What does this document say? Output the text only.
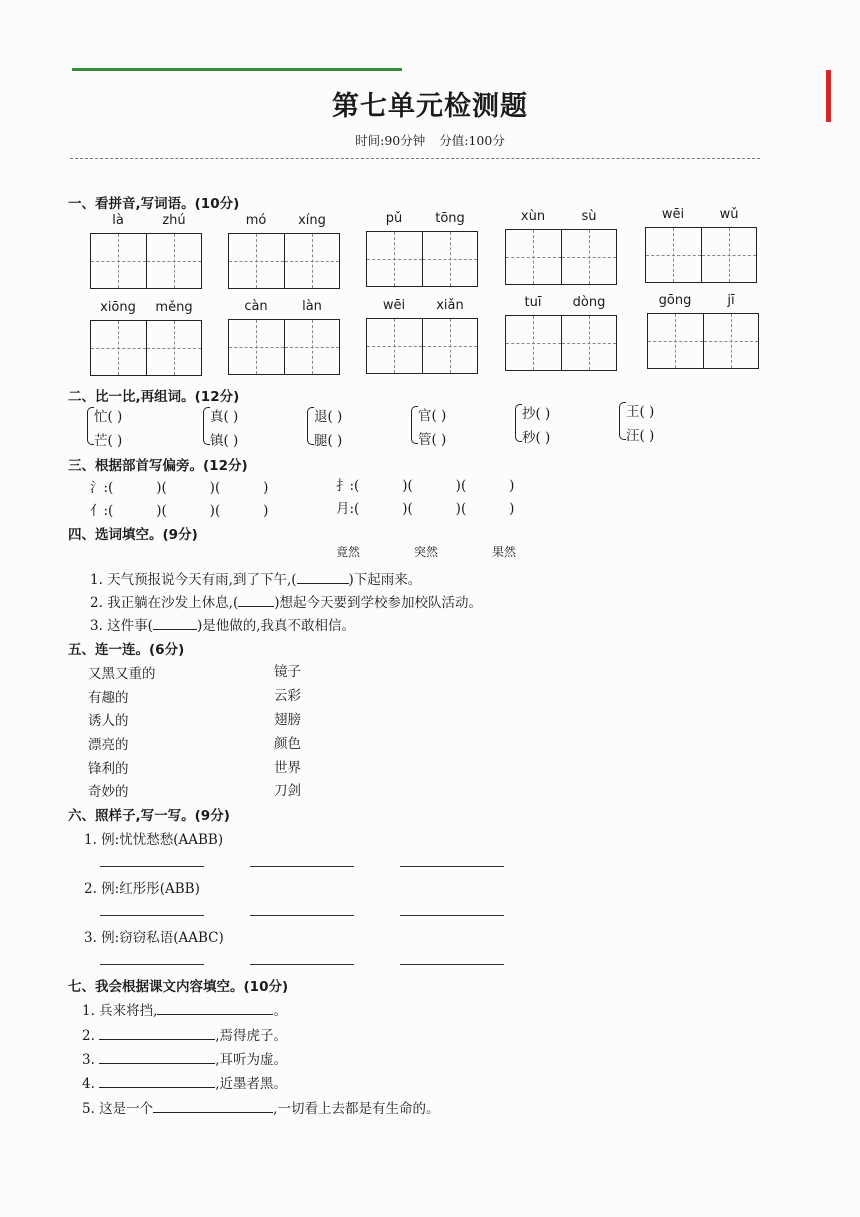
第七单元检测题
时间:90分钟 分值:100分
一、看拼音,写词语。(10分)
là	zhú	mó	xíng	pǔ	tōng	xùn	sù	wēi	wǔ
xiōng	měng	càn	làn	wēi	xiǎn	tuī	dòng	gōng	jī
二、比一比,再组词。(12分)
忙( )
芒( )
真( )
镇( )
退( )
腿( )
官( )
管( )
抄( )
秒( )
王( )
汪( )
三、根据部首写偏旁。(12分)
氵:(          )(          )(          )	扌:(          )(          )(          )
亻:(          )(          )(          )	月:(          )(          )(          )
四、选词填空。(9分)
竟然	突然	果然
1. 天气预报说今天有雨,到了下午,(	)下起雨来。
2. 我正躺在沙发上休息,(	)想起今天要到学校参加校队活动。
3. 这件事(	)是他做的,我真不敢相信。
五、连一连。(6分)
又黑又重的
有趣的
诱人的
漂亮的
锋利的
奇妙的
镜子
云彩
翅膀
颜色
世界
刀剑
六、照样子,写一写。(9分)
1. 例:忧忧愁愁(AABB)
2. 例:红彤彤(ABB)
3. 例:窃窃私语(AABC)
七、我会根据课文内容填空。(10分)
1. 兵来将挡,	。
2.	,焉得虎子。
3.	,耳听为虚。
4.	,近墨者黑。
5. 这是一个	,一切看上去都是有生命的。
